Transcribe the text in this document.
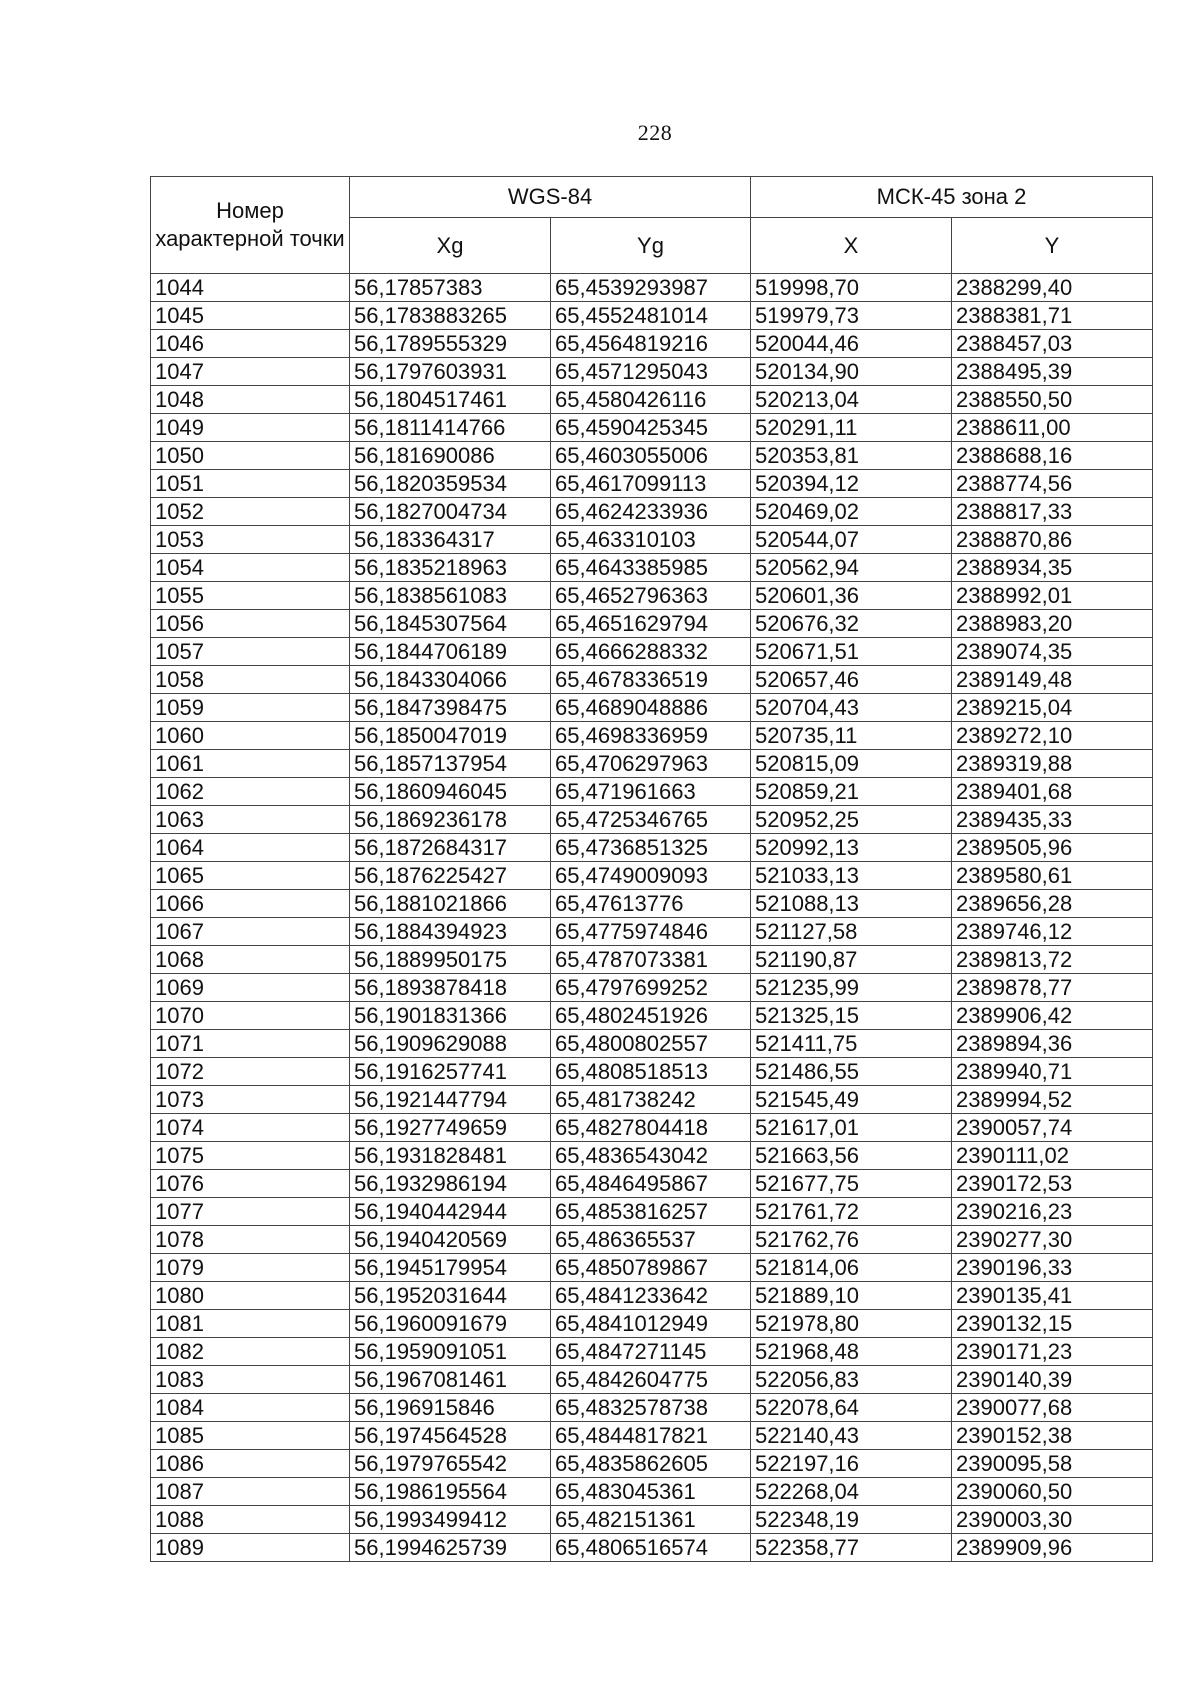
228
Номер характерной точки	WGS-84		МСК-45 зона 2	
	Xg	Yg	X	Y
1044	56,17857383	65,4539293987	519998,70	2388299,40
1045	56,1783883265	65,4552481014	519979,73	2388381,71
1046	56,1789555329	65,4564819216	520044,46	2388457,03
1047	56,1797603931	65,4571295043	520134,90	2388495,39
1048	56,1804517461	65,4580426116	520213,04	2388550,50
1049	56,1811414766	65,4590425345	520291,11	2388611,00
1050	56,181690086	65,4603055006	520353,81	2388688,16
1051	56,1820359534	65,4617099113	520394,12	2388774,56
1052	56,1827004734	65,4624233936	520469,02	2388817,33
1053	56,183364317	65,463310103	520544,07	2388870,86
1054	56,1835218963	65,4643385985	520562,94	2388934,35
1055	56,1838561083	65,4652796363	520601,36	2388992,01
1056	56,1845307564	65,4651629794	520676,32	2388983,20
1057	56,1844706189	65,4666288332	520671,51	2389074,35
1058	56,1843304066	65,4678336519	520657,46	2389149,48
1059	56,1847398475	65,4689048886	520704,43	2389215,04
1060	56,1850047019	65,4698336959	520735,11	2389272,10
1061	56,1857137954	65,4706297963	520815,09	2389319,88
1062	56,1860946045	65,471961663	520859,21	2389401,68
1063	56,1869236178	65,4725346765	520952,25	2389435,33
1064	56,1872684317	65,4736851325	520992,13	2389505,96
1065	56,1876225427	65,4749009093	521033,13	2389580,61
1066	56,1881021866	65,47613776	521088,13	2389656,28
1067	56,1884394923	65,4775974846	521127,58	2389746,12
1068	56,1889950175	65,4787073381	521190,87	2389813,72
1069	56,1893878418	65,4797699252	521235,99	2389878,77
1070	56,1901831366	65,4802451926	521325,15	2389906,42
1071	56,1909629088	65,4800802557	521411,75	2389894,36
1072	56,1916257741	65,4808518513	521486,55	2389940,71
1073	56,1921447794	65,481738242	521545,49	2389994,52
1074	56,1927749659	65,4827804418	521617,01	2390057,74
1075	56,1931828481	65,4836543042	521663,56	2390111,02
1076	56,1932986194	65,4846495867	521677,75	2390172,53
1077	56,1940442944	65,4853816257	521761,72	2390216,23
1078	56,1940420569	65,486365537	521762,76	2390277,30
1079	56,1945179954	65,4850789867	521814,06	2390196,33
1080	56,1952031644	65,4841233642	521889,10	2390135,41
1081	56,1960091679	65,4841012949	521978,80	2390132,15
1082	56,1959091051	65,4847271145	521968,48	2390171,23
1083	56,1967081461	65,4842604775	522056,83	2390140,39
1084	56,196915846	65,4832578738	522078,64	2390077,68
1085	56,1974564528	65,4844817821	522140,43	2390152,38
1086	56,1979765542	65,4835862605	522197,16	2390095,58
1087	56,1986195564	65,483045361	522268,04	2390060,50
1088	56,1993499412	65,482151361	522348,19	2390003,30
1089	56,1994625739	65,4806516574	522358,77	2389909,96
